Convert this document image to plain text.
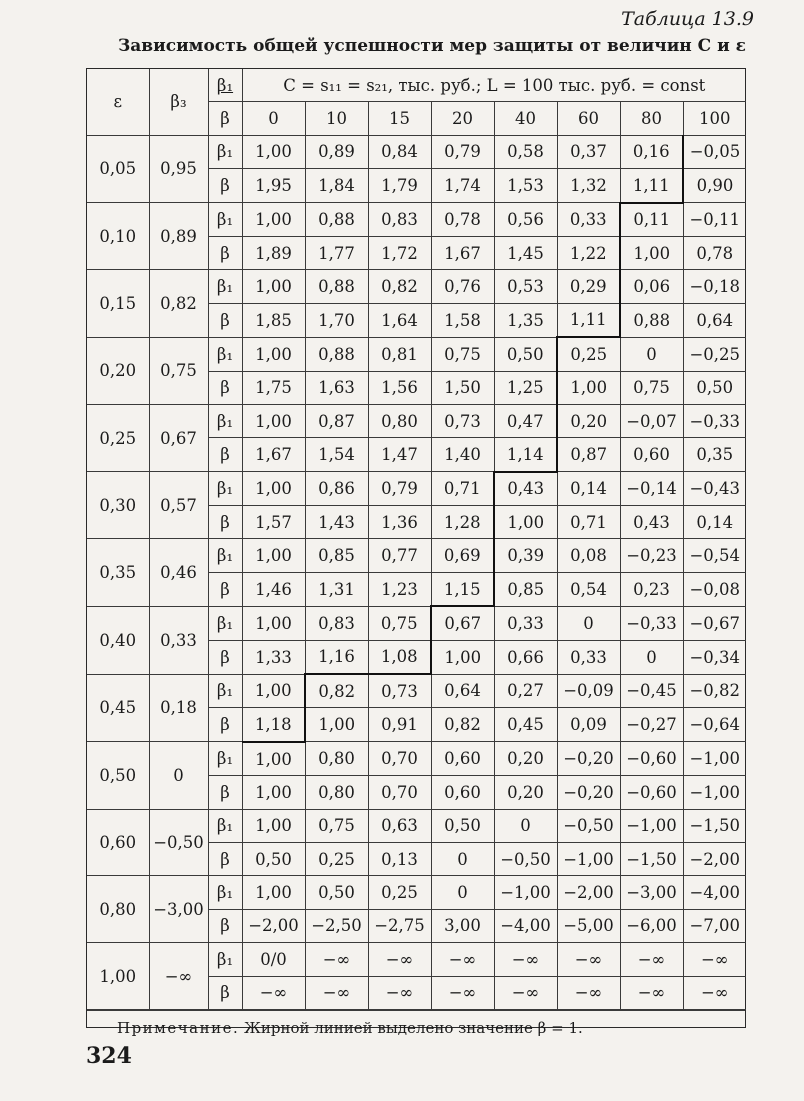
Таблица 13.9
Зависимость общей успешности мер защиты от величин C и ε
ε	β₃	β₁	C = s₁₁ = s₂₁, тыс. руб.; L = 100 тыс. руб. = const							
		β	0	10	15	20	40	60	80	100
0,05	0,95	β₁	1,00	0,89	0,84	0,79	0,58	0,37	0,16	−0,05
		β	1,95	1,84	1,79	1,74	1,53	1,32	1,11	0,90
0,10	0,89	β₁	1,00	0,88	0,83	0,78	0,56	0,33	0,11	−0,11
		β	1,89	1,77	1,72	1,67	1,45	1,22	1,00	0,78
0,15	0,82	β₁	1,00	0,88	0,82	0,76	0,53	0,29	0,06	−0,18
		β	1,85	1,70	1,64	1,58	1,35	1,11	0,88	0,64
0,20	0,75	β₁	1,00	0,88	0,81	0,75	0,50	0,25	0	−0,25
		β	1,75	1,63	1,56	1,50	1,25	1,00	0,75	0,50
0,25	0,67	β₁	1,00	0,87	0,80	0,73	0,47	0,20	−0,07	−0,33
		β	1,67	1,54	1,47	1,40	1,14	0,87	0,60	0,35
0,30	0,57	β₁	1,00	0,86	0,79	0,71	0,43	0,14	−0,14	−0,43
		β	1,57	1,43	1,36	1,28	1,00	0,71	0,43	0,14
0,35	0,46	β₁	1,00	0,85	0,77	0,69	0,39	0,08	−0,23	−0,54
		β	1,46	1,31	1,23	1,15	0,85	0,54	0,23	−0,08
0,40	0,33	β₁	1,00	0,83	0,75	0,67	0,33	0	−0,33	−0,67
		β	1,33	1,16	1,08	1,00	0,66	0,33	0	−0,34
0,45	0,18	β₁	1,00	0,82	0,73	0,64	0,27	−0,09	−0,45	−0,82
		β	1,18	1,00	0,91	0,82	0,45	0,09	−0,27	−0,64
0,50	0	β₁	1,00	0,80	0,70	0,60	0,20	−0,20	−0,60	−1,00
		β	1,00	0,80	0,70	0,60	0,20	−0,20	−0,60	−1,00
0,60	−0,50	β₁	1,00	0,75	0,63	0,50	0	−0,50	−1,00	−1,50
		β	0,50	0,25	0,13	0	−0,50	−1,00	−1,50	−2,00
0,80	−3,00	β₁	1,00	0,50	0,25	0	−1,00	−2,00	−3,00	−4,00
		β	−2,00	−2,50	−2,75	3,00	−4,00	−5,00	−6,00	−7,00
1,00	−∞	β₁	0/0	−∞	−∞	−∞	−∞	−∞	−∞	−∞
		β	−∞	−∞	−∞	−∞	−∞	−∞	−∞	−∞
Примечание. Жирной линией выделено значение β = 1.
324
